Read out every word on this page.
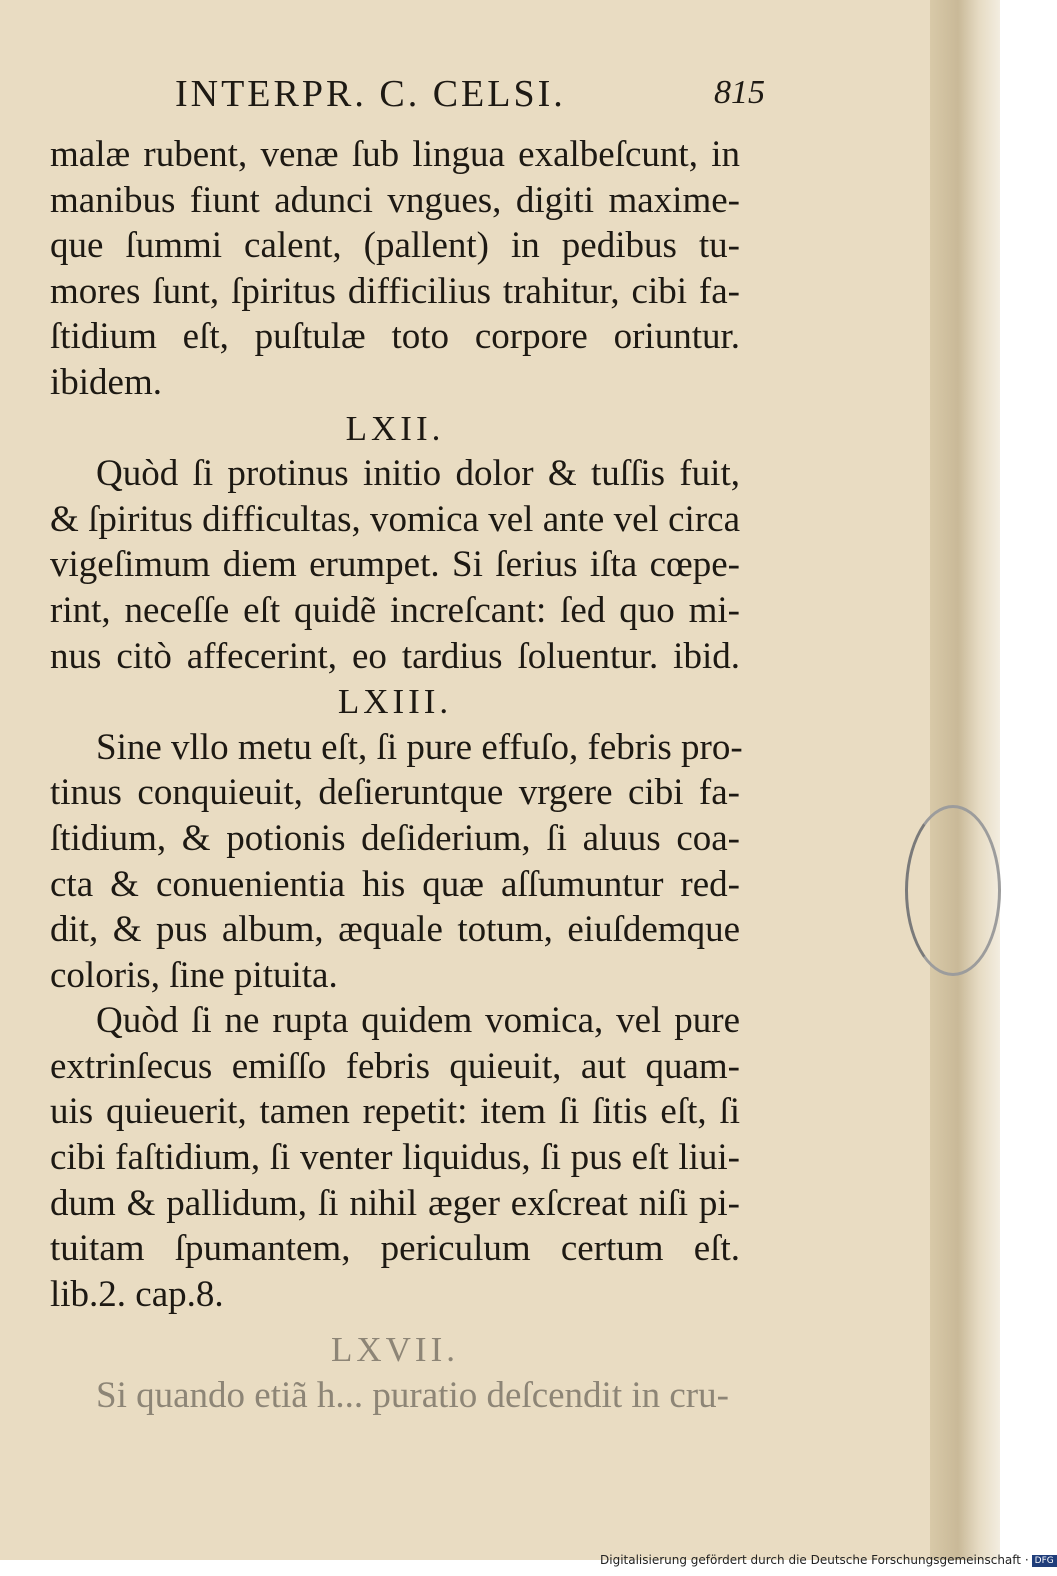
INTERPR. C. CELSI.	815
malæ rubent, venæ ſub lingua exalbeſcunt, in
manibus fiunt adunci vngues, digiti maxime-
que ſummi calent, (pallent) in pedibus tu-
mores ſunt, ſpiritus difficilius trahitur, cibi fa-
ſtidium eſt, puſtulæ toto corpore oriuntur.
ibidem.
LXII.
Quòd ſi protinus initio dolor & tuſſis fuit,
& ſpiritus difficultas, vomica vel ante vel circa
vigeſimum diem erumpet. Si ſerius iſta cœpe-
rint, neceſſe eſt quidẽ increſcant: ſed quo mi-
nus citò affecerint, eo tardius ſoluentur. ibid.
LXIII.
Sine vllo metu eſt, ſi pure effuſo, febris pro-
tinus conquieuit, deſieruntque vrgere cibi fa-
ſtidium, & potionis deſiderium, ſi aluus coa-
cta & conuenientia his quæ aſſumuntur red-
dit, & pus album, æquale totum, eiuſdemque
coloris, ſine pituita.
Quòd ſi ne rupta quidem vomica, vel pure
extrinſecus emiſſo febris quieuit, aut quam-
uis quieuerit, tamen repetit: item ſi ſitis eſt, ſi
cibi faſtidium, ſi venter liquidus, ſi pus eſt liui-
dum & pallidum, ſi nihil æger exſcreat niſi pi-
tuitam ſpumantem, periculum certum eſt.
lib.2. cap.8.
LXVII.
Si quando etiã h... puratio deſcendit in cru-
Digitalisierung gefördert durch die Deutsche Forschungsgemeinschaft · DFG
